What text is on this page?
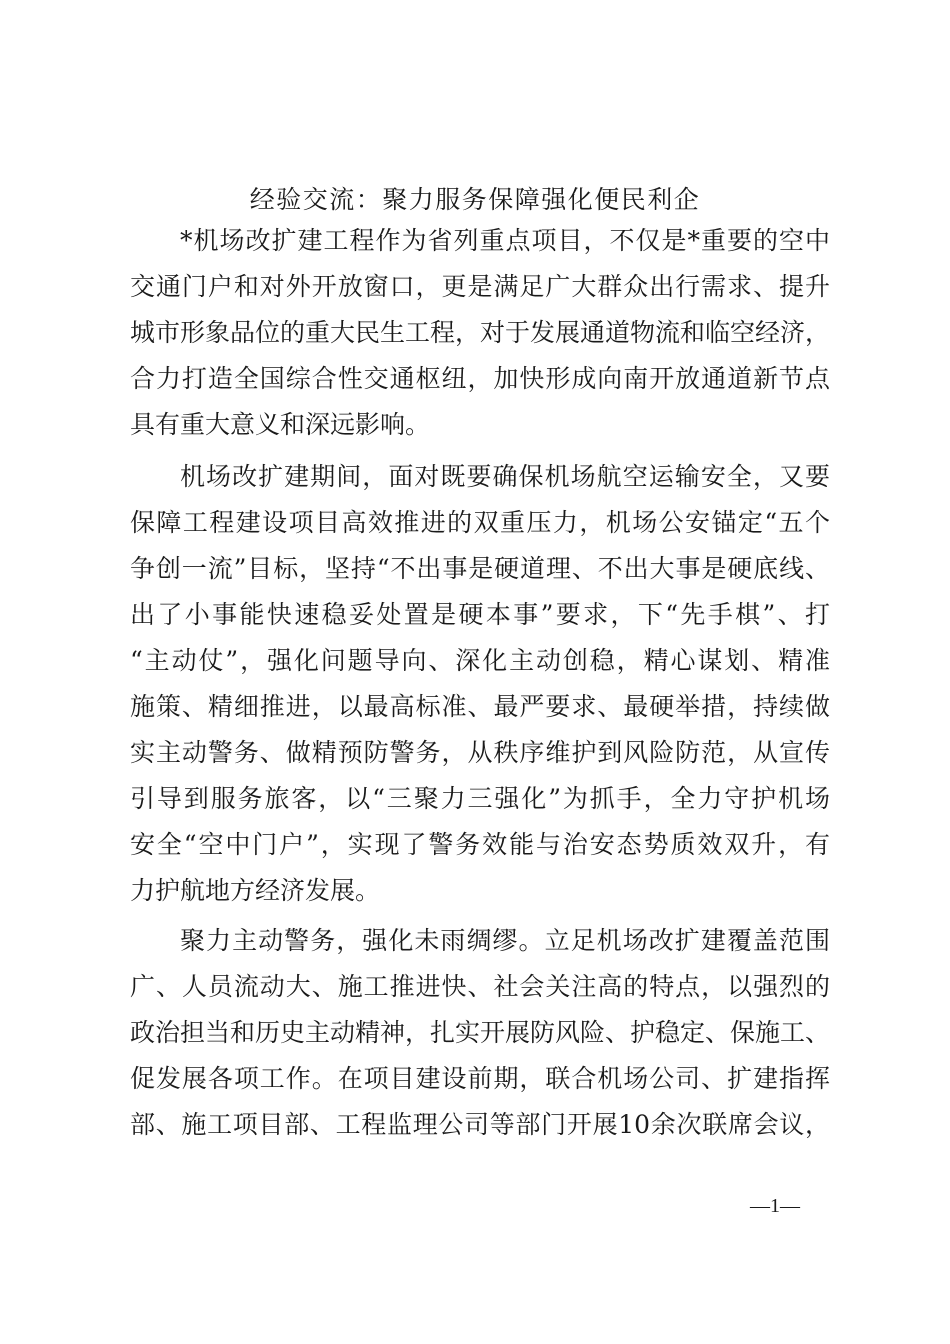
经验交流：聚力服务保障强化便民利企
*机场改扩建工程作为省列重点项目，不仅是*重要的空中
交通门户和对外开放窗口，更是满足广大群众出行需求、提升
城市形象品位的重大民生工程，对于发展通道物流和临空经济，
合力打造全国综合性交通枢纽，加快形成向南开放通道新节点
具有重大意义和深远影响。
机场改扩建期间，面对既要确保机场航空运输安全，又要
保障工程建设项目高效推进的双重压力，机场公安锚定“五个
争创一流”目标，坚持“不出事是硬道理、不出大事是硬底线、
出了小事能快速稳妥处置是硬本事”要求，下“先手棋”、打
“主动仗”，强化问题导向、深化主动创稳，精心谋划、精准
施策、精细推进，以最高标准、最严要求、最硬举措，持续做
实主动警务、做精预防警务，从秩序维护到风险防范，从宣传
引导到服务旅客，以“三聚力三强化”为抓手，全力守护机场
安全“空中门户”，实现了警务效能与治安态势质效双升，有
力护航地方经济发展。
聚力主动警务，强化未雨绸缪。立足机场改扩建覆盖范围
广、人员流动大、施工推进快、社会关注高的特点，以强烈的
政治担当和历史主动精神，扎实开展防风险、护稳定、保施工、
促发展各项工作。在项目建设前期，联合机场公司、扩建指挥
部、施工项目部、工程监理公司等部门开展10余次联席会议，
—1—
